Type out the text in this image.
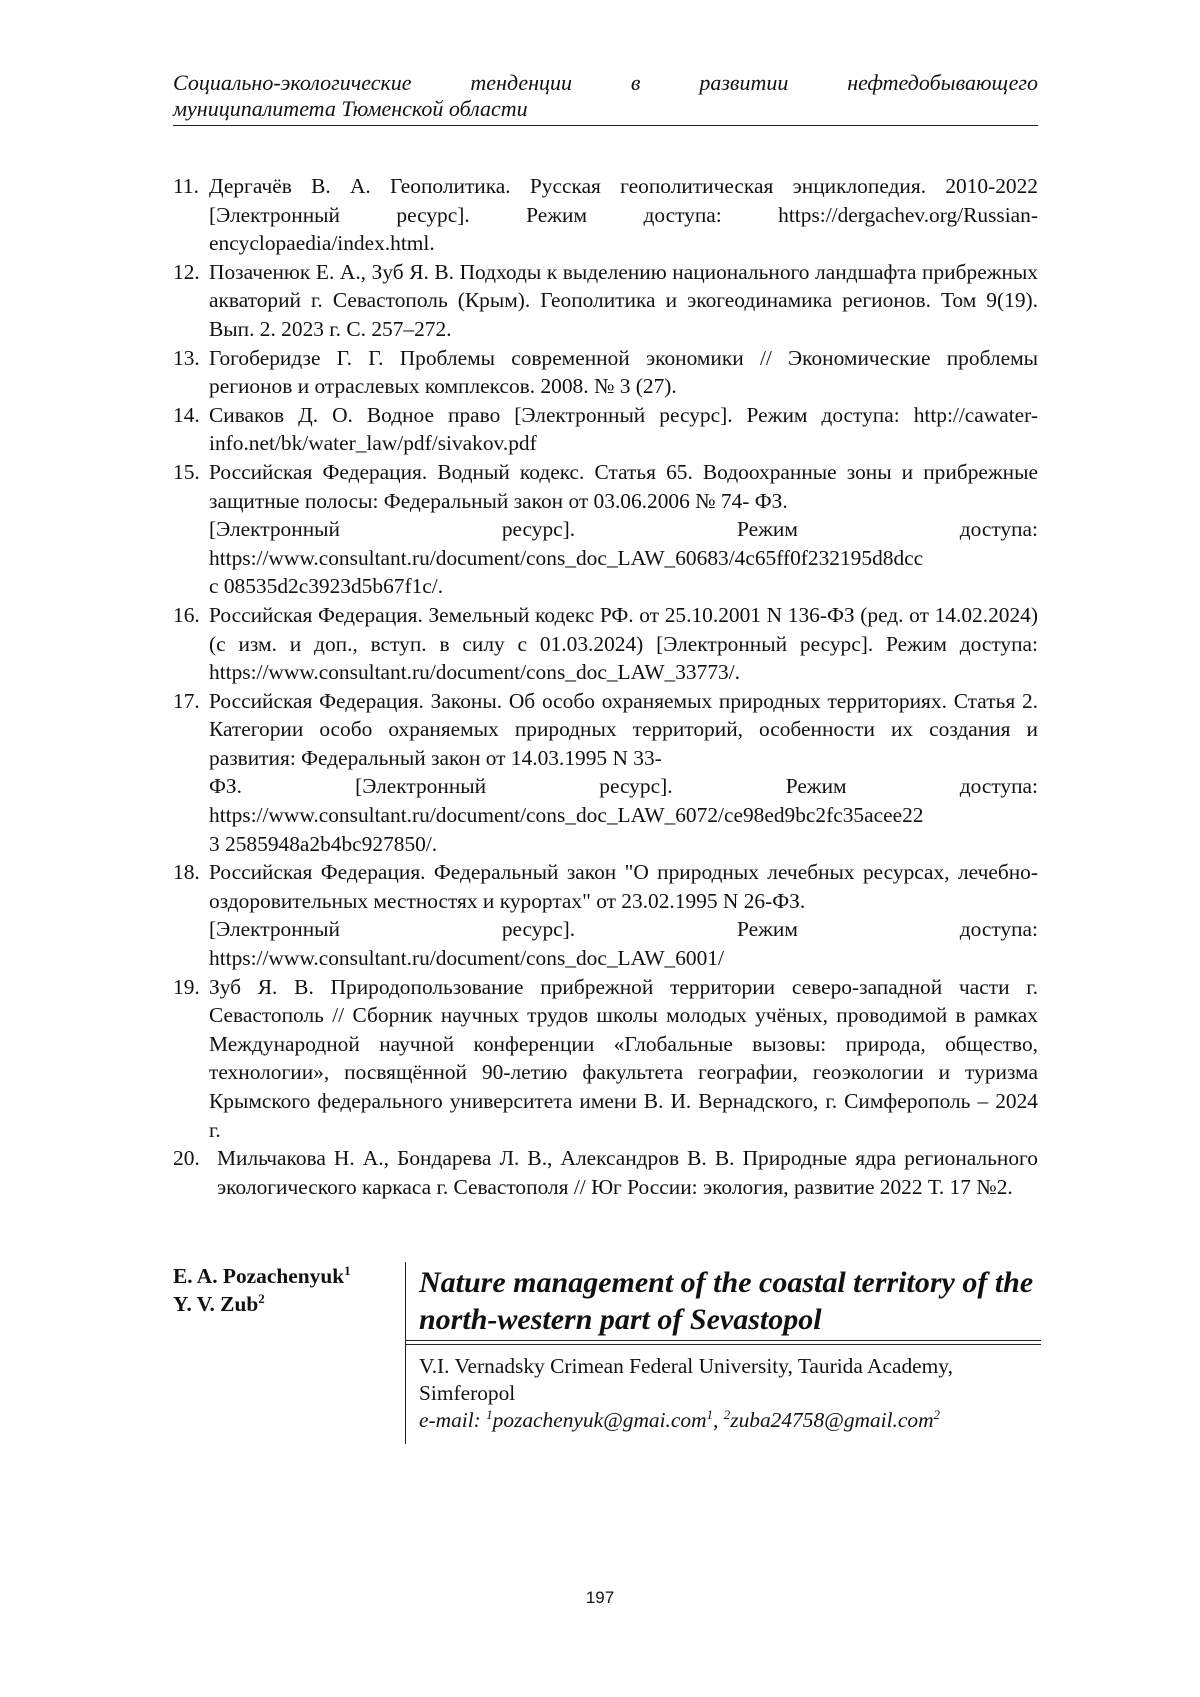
Социально-экологические	тенденции	в	развитии	нефтедобывающего
муниципалитета Тюменской области
11. Дергачёв В. А. Геополитика. Русская геополитическая энциклопедия. 2010-2022 [Электронный ресурс]. Режим доступа: https://dergachev.org/Russian-encyclopaedia/index.html.
12. Позаченюк Е. А., Зуб Я. В. Подходы к выделению национального ландшафта прибрежных акваторий г. Севастополь (Крым). Геополитика и экогеодинамика регионов. Том 9(19). Вып. 2. 2023 г. С. 257–272.
13. Гогоберидзе Г. Г. Проблемы современной экономики // Экономические проблемы регионов и отраслевых комплексов. 2008. № 3 (27).
14. Сиваков Д. О. Водное право [Электронный ресурс]. Режим доступа: http://cawater-info.net/bk/water_law/pdf/sivakov.pdf
15. Российская Федерация. Водный кодекс. Статья 65. Водоохранные зоны и прибрежные защитные полосы: Федеральный закон от 03.06.2006 № 74- ФЗ.
[Электронный	ресурс].	Режим	доступа:
https://www.consultant.ru/document/cons_doc_LAW_60683/4c65ff0f232195d8dcc
c 08535d2c3923d5b67f1c/.
16. Российская Федерация. Земельный кодекс РФ. от 25.10.2001 N 136-ФЗ (ред. от 14.02.2024) (с изм. и доп., вступ. в силу с 01.03.2024) [Электронный ресурс]. Режим доступа: https://www.consultant.ru/document/cons_doc_LAW_33773/.
17. Российская Федерация. Законы. Об особо охраняемых природных территориях. Статья 2. Категории особо охраняемых природных территорий, особенности их создания и развития: Федеральный закон от 14.03.1995 N 33-
ФЗ.	[Электронный	ресурс].	Режим	доступа:
https://www.consultant.ru/document/cons_doc_LAW_6072/ce98ed9bc2fc35acee22
3 2585948a2b4bc927850/.
18. Российская Федерация. Федеральный закон "О природных лечебных ресурсах, лечебно-оздоровительных местностях и курортах" от 23.02.1995 N 26-ФЗ.
[Электронный	ресурс].	Режим	доступа:
https://www.consultant.ru/document/cons_doc_LAW_6001/
19. Зуб Я. В. Природопользование прибрежной территории северо-западной части г. Севастополь // Сборник научных трудов школы молодых учёных, проводимой в рамках Международной научной конференции «Глобальные вызовы: природа, общество, технологии», посвящённой 90-летию факультета географии, геоэкологии и туризма Крымского федерального университета имени В. И. Вернадского, г. Симферополь – 2024 г.
20. Мильчакова Н. А., Бондарева Л. В., Александров В. В. Природные ядра регионального экологического каркаса г. Севастополя // Юг России: экология, развитие 2022 Т. 17 №2.
E. A. Pozachenyuk$^1$
Y. V. Zub$^2$	Nature management of the coastal territory of the north-western part of Sevastopol
V.I. Vernadsky Crimean Federal University, Taurida Academy, Simferopol
e-mail: $^1$pozachenyuk@gmai.com$^1$, $^2$zuba24758@gmail.com$^2$
197
